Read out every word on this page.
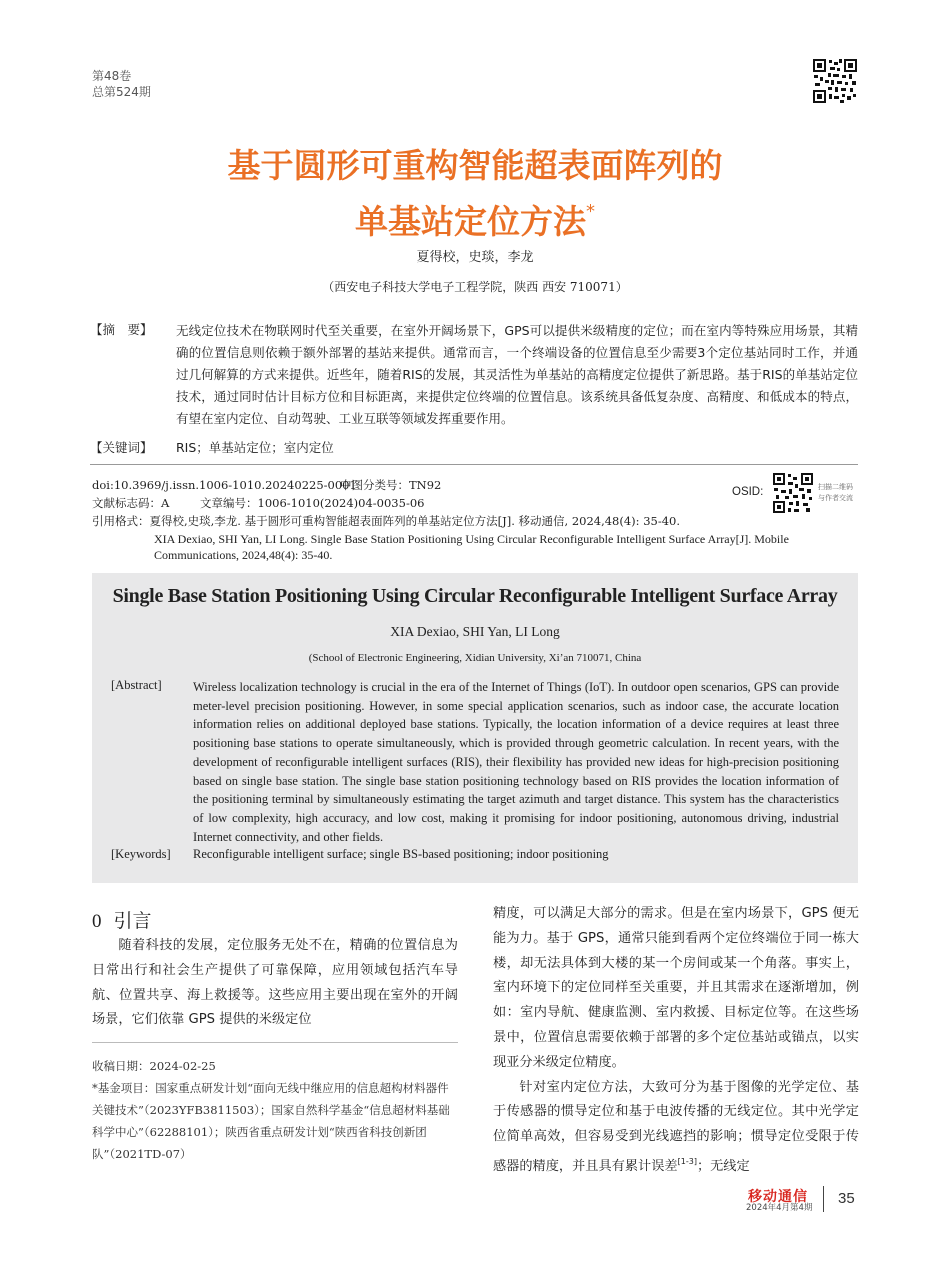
第48卷
总第524期
基于圆形可重构智能超表面阵列的
单基站定位方法*
夏得校，史琰，李龙
（西安电子科技大学电子工程学院，陕西 西安 710071）
【摘　要】 无线定位技术在物联网时代至关重要，在室外开阔场景下，GPS可以提供米级精度的定位；而在室内等特殊应用场景，其精确的位置信息则依赖于额外部署的基站来提供。通常而言，一个终端设备的位置信息至少需要3个定位基站同时工作，并通过几何解算的方式来提供。近些年，随着RIS的发展，其灵活性为单基站的高精度定位提供了新思路。基于RIS的单基站定位技术，通过同时估计目标方位和目标距离，来提供定位终端的位置信息。该系统具备低复杂度、高精度、和低成本的特点，有望在室内定位、自动驾驶、工业互联等领域发挥重要作用。
【关键词】 RIS；单基站定位；室内定位
doi:10.3969/j.issn.1006-1010.20240225-0001
中图分类号：TN92
文献标志码：A	文章编号：1006-1010(2024)04-0035-06
引用格式：夏得校,史琰,李龙. 基于圆形可重构智能超表面阵列的单基站定位方法[J]. 移动通信, 2024,48(4): 35-40.
XIA Dexiao, SHI Yan, LI Long. Single Base Station Positioning Using Circular Reconfigurable Intelligent Surface Array[J]. Mobile
Communications, 2024,48(4): 35-40.
OSID:	扫描二维码
与作者交流
Single Base Station Positioning Using Circular Reconfigurable Intelligent Surface Array
XIA Dexiao, SHI Yan, LI Long
(School of Electronic Engineering, Xidian University, Xi’an 710071, China
[Abstract]	Wireless localization technology is crucial in the era of the Internet of Things (IoT). In outdoor open scenarios, GPS can provide meter-level precision positioning. However, in some special application scenarios, such as indoor case, the accurate location information relies on additional deployed base stations. Typically, the location information of a device requires at least three positioning base stations to operate simultaneously, which is provided through geometric calculation. In recent years, with the development of reconfigurable intelligent surfaces (RIS), their flexibility has provided new ideas for high-precision positioning based on single base station. The single base station positioning technology based on RIS provides the location information of the positioning terminal by simultaneously estimating the target azimuth and target distance. This system has the characteristics of low complexity, high accuracy, and low cost, making it promising for indoor positioning, autonomous driving, industrial Internet connectivity, and other fields.
[Keywords] Reconfigurable intelligent surface; single BS-based positioning; indoor positioning
0 引言

随着科技的发展，定位服务无处不在，精确的位置信息为日常出行和社会生产提供了可靠保障，应用领域包括汽车导航、位置共享、海上救援等。这些应用主要出现在室外的开阔场景，它们依靠 GPS 提供的米级定位

收稿日期：2024-02-25
*基金项目：国家重点研发计划“面向无线中继应用的信息超构材料器件关键技术”（2023YFB3811503）；国家自然科学基金“信息超材料基础科学中心”（62288101）；陕西省重点研发计划“陕西省科技创新团队”（2021TD-07）

精度，可以满足大部分的需求。但是在室内场景下，GPS 便无能为力。基于 GPS，通常只能到看两个定位终端位于同一栋大楼，却无法具体到大楼的某一个房间或某一个角落。事实上，室内环境下的定位同样至关重要，并且其需求在逐渐增加，例如：室内导航、健康监测、室内救援、目标定位等。在这些场景中，位置信息需要依赖于部署的多个定位基站或锚点，以实现亚分米级定位精度。

针对室内定位方法，大致可分为基于图像的光学定位、基于传感器的惯导定位和基于电波传播的无线定位。其中光学定位简单高效，但容易受到光线遮挡的影响；惯导定位受限于传感器的精度，并且具有累计误差[1-3]；无线定

移动通信
2024年4月第4期
35
